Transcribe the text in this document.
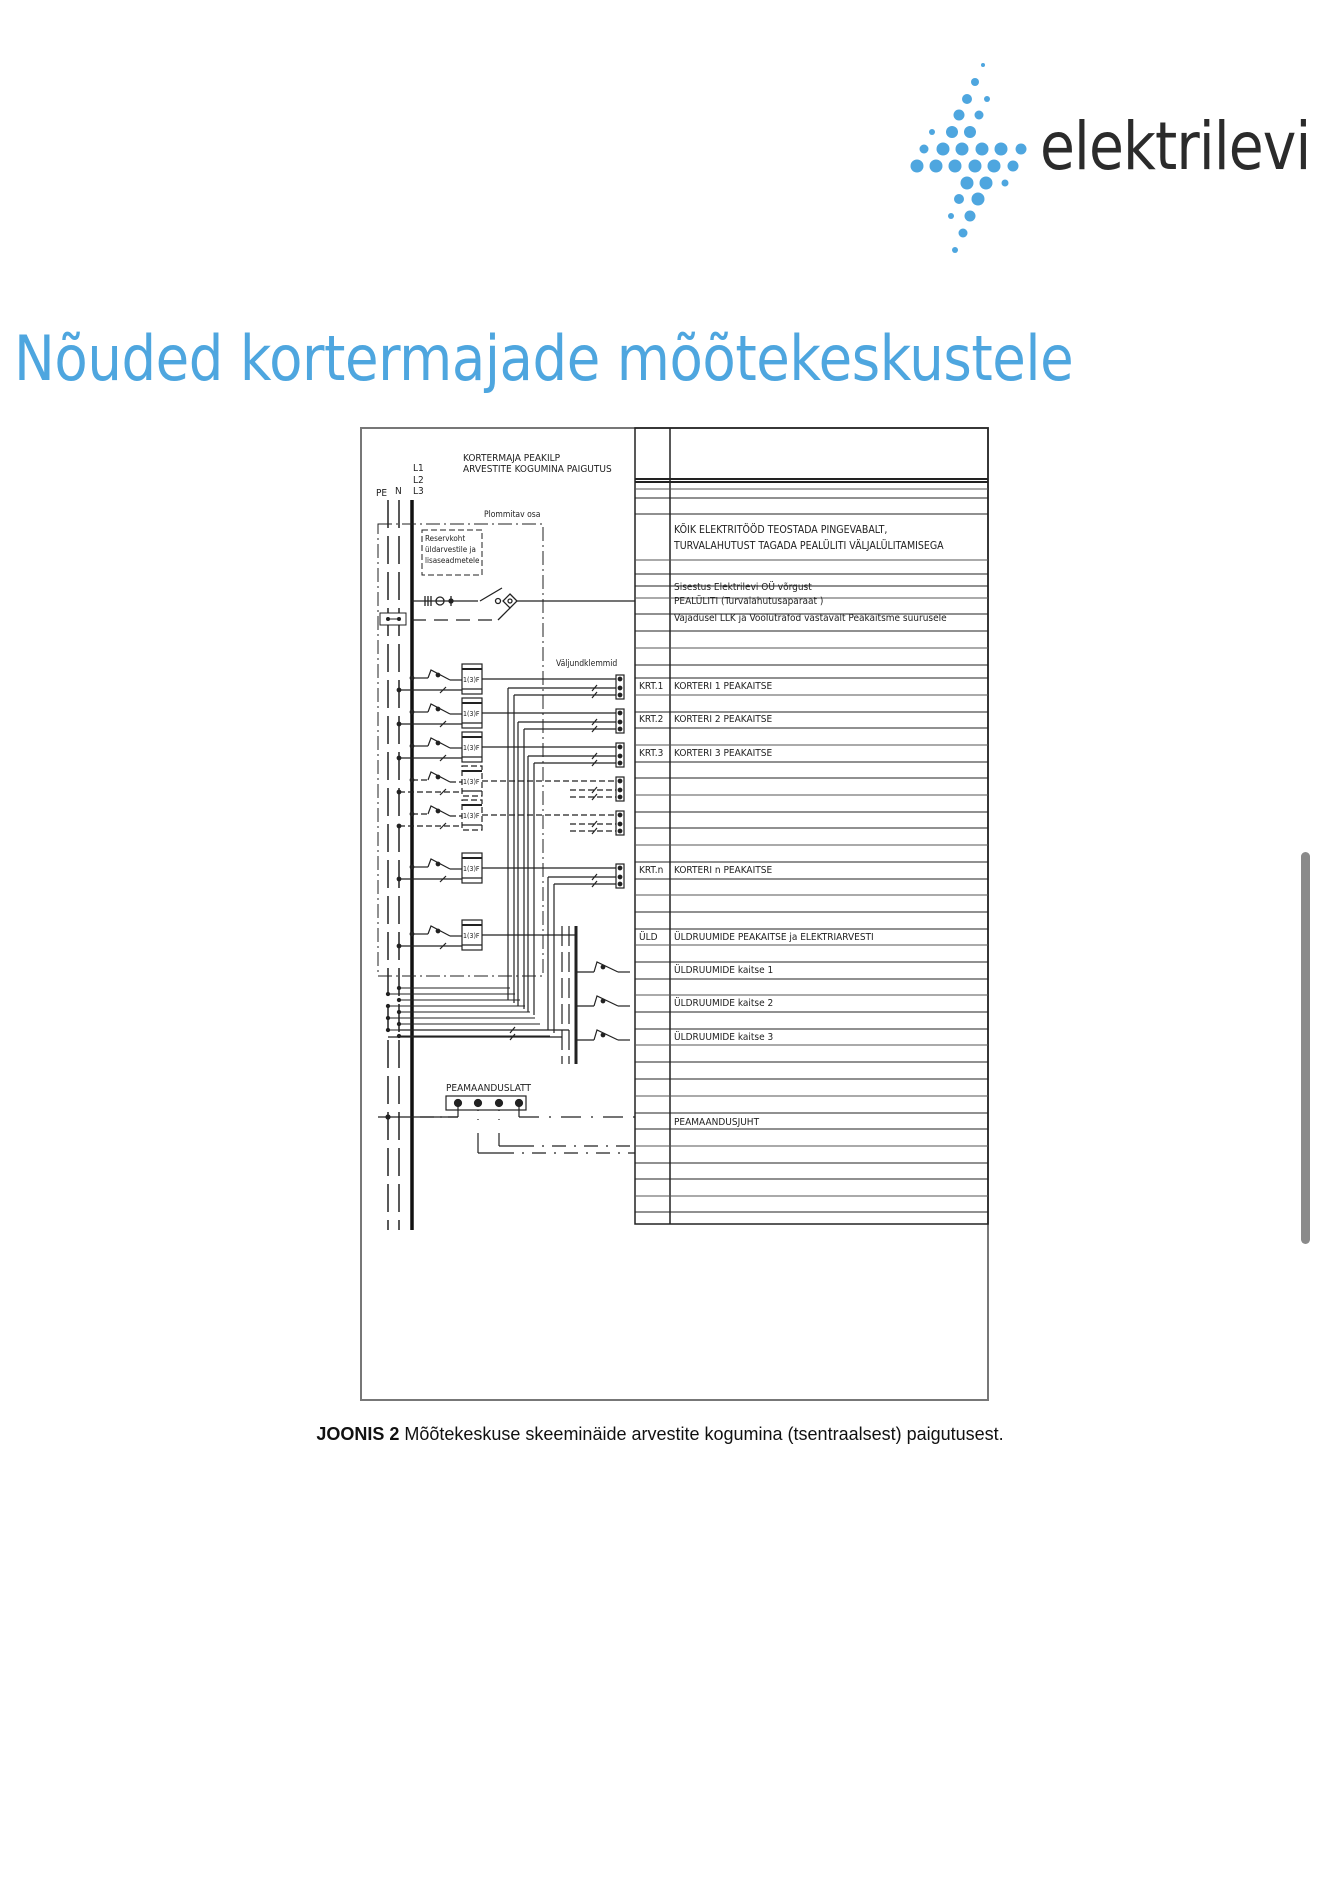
elektrilevi
Nõuded kortermajade mõõtekeskustele
KORTERMAJA PEAKILP
ARVESTITE KOGUMINA PAIGUTUS
PE N
L1
L2
L3
Plommitav osa
Reservkoht
üldarvestile ja
lisaseadmetele
Väljundklemmid
1(3)F
1(3)F
1(3)F
1(3)F
1(3)F
1(3)F
1(3)F
PEAMAANDUSLATT
KÕIK ELEKTRITÖÖD TEOSTADA PINGEVABALT,
TURVALAHUTUST TAGADA PEALÜLITI VÄLJALÜLITAMISEGA
Sisestus Elektrilevi OÜ võrgust
PEALÜLITI (Turvalahutusaparaat )
Vajadusel LLK ja Voolutrafod vastavalt Peakaitsme suurusele
KRT.1 KORTERI 1 PEAKAITSE
KRT.2 KORTERI 2 PEAKAITSE
KRT.3 KORTERI 3 PEAKAITSE
KRT.n KORTERI n PEAKAITSE
ÜLD ÜLDRUUMIDE PEAKAITSE ja ELEKTRIARVESTI
ÜLDRUUMIDE kaitse 1
ÜLDRUUMIDE kaitse 2
ÜLDRUUMIDE kaitse 3
PEAMAANDUSJUHT
JOONIS 2 Mõõtekeskuse skeeminäide arvestite kogumina (tsentraalsest) paigutusest.
